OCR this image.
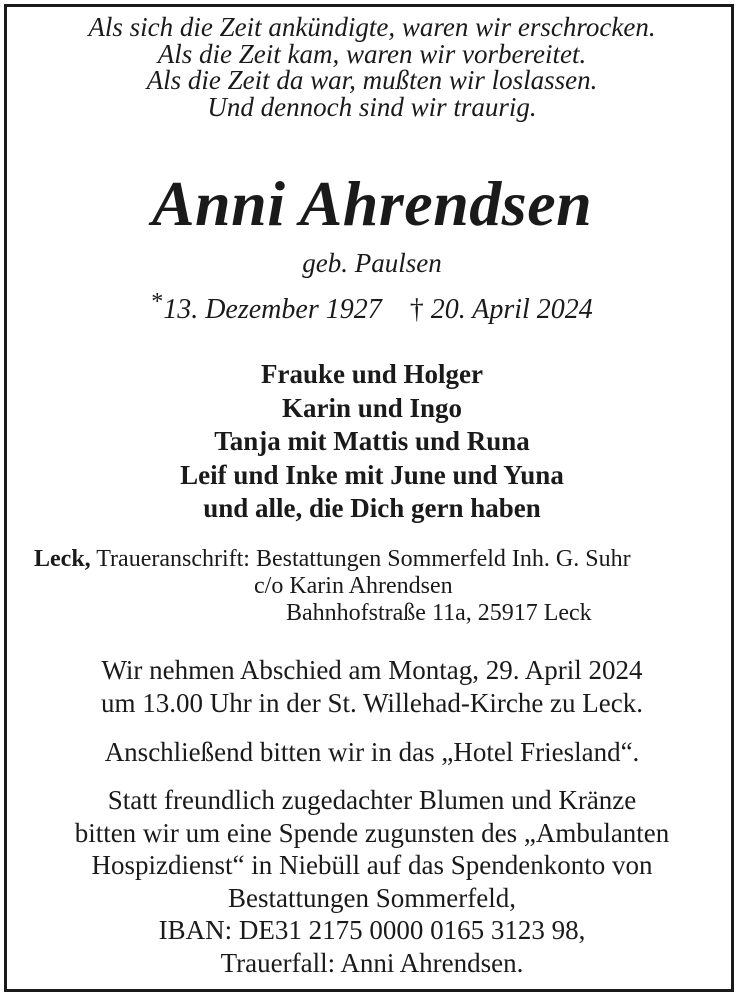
Als sich die Zeit ankündigte, waren wir erschrocken.
Als die Zeit kam, waren wir vorbereitet.
Als die Zeit da war, mußten wir loslassen.
Und dennoch sind wir traurig.
Anni Ahrendsen
geb. Paulsen
*13. Dezember 1927 † 20. April 2024
Frauke und Holger
Karin und Ingo
Tanja mit Mattis und Runa
Leif und Inke mit June und Yuna
und alle, die Dich gern haben
Leck, Traueranschrift: Bestattungen Sommerfeld Inh. G. Suhr
c/o Karin Ahrendsen
Bahnhofstraße 11a, 25917 Leck
Wir nehmen Abschied am Montag, 29. April 2024
um 13.00 Uhr in der St. Willehad-Kirche zu Leck.
Anschließend bitten wir in das „Hotel Friesland“.
Statt freundlich zugedachter Blumen und Kränze
bitten wir um eine Spende zugunsten des „Ambulanten
Hospizdienst“ in Niebüll auf das Spendenkonto von
Bestattungen Sommerfeld,
IBAN: DE31 2175 0000 0165 3123 98,
Trauerfall: Anni Ahrendsen.
